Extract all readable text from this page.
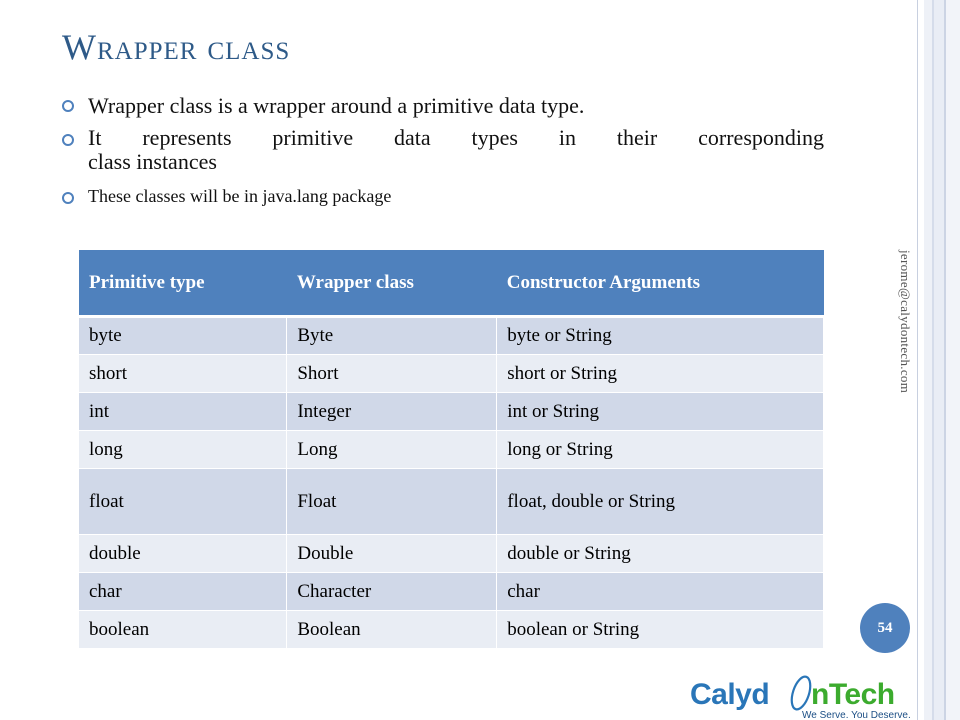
Wrapper class
Wrapper class is a wrapper around a primitive data type.
It represents primitive data types in their corresponding
class instances
These classes will be in java.lang package
Primitive type	Wrapper class	Constructor Arguments
byte	Byte	byte or String
short	Short	short or String
int	Integer	int or String
long	Long	long or String
float	Float	float, double or String
double	Double	double or String
char	Character	char
boolean	Boolean	boolean or String
jerome@calydontech.com
54
Calyd nTech
We Serve. You Deserve.
